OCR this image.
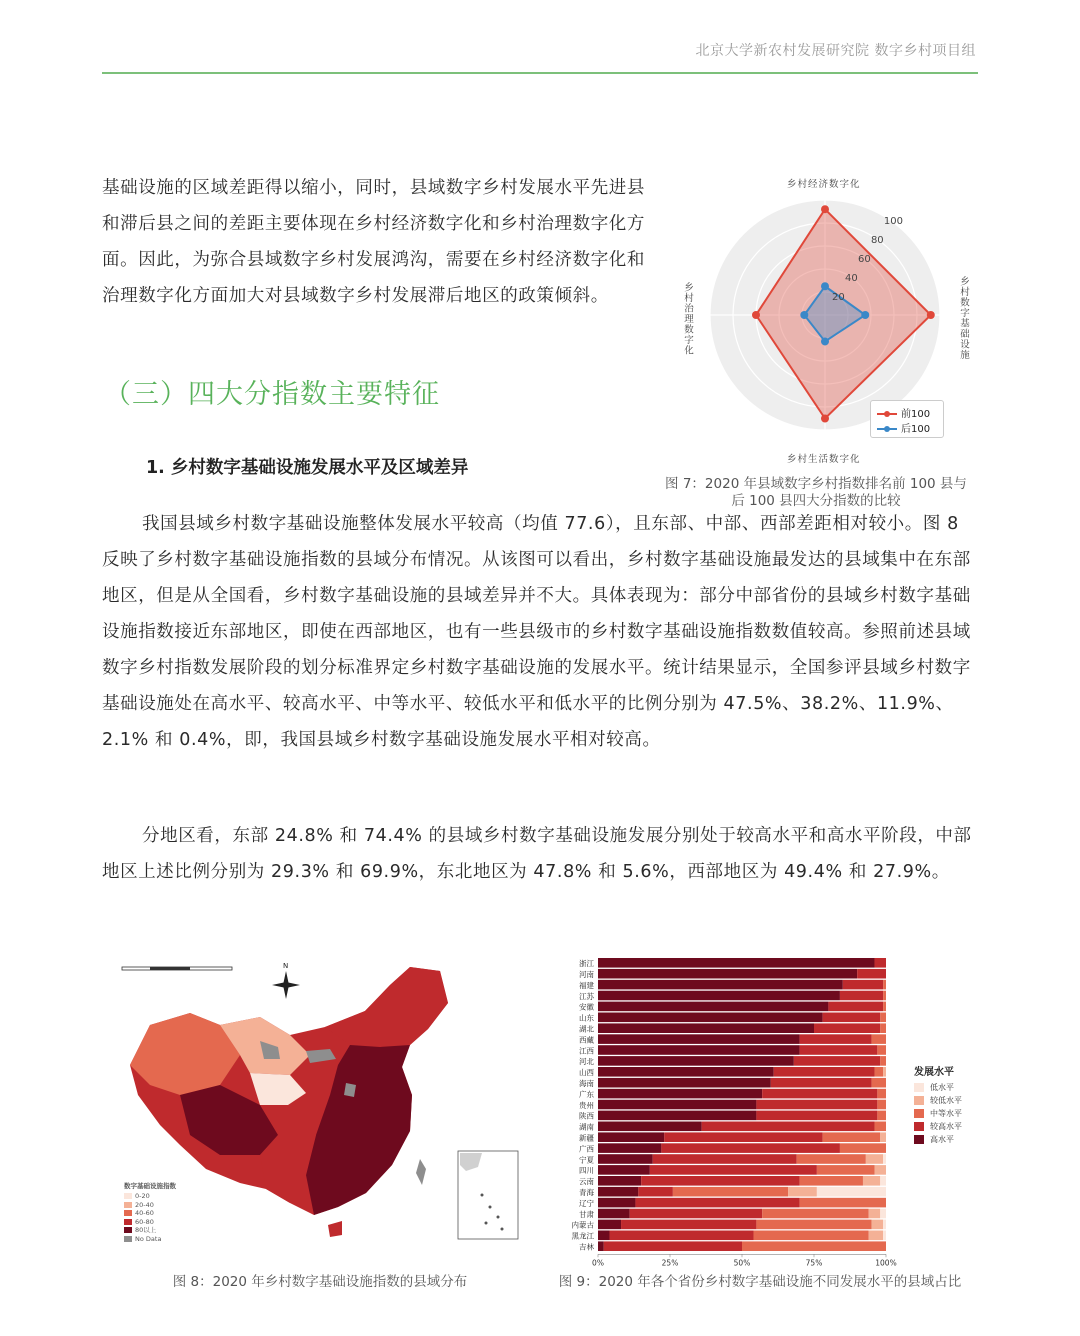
北京大学新农村发展研究院 数字乡村项目组
基础设施的区域差距得以缩小，同时，县域数字乡村发展水平先进县和滞后县之间的差距主要体现在乡村经济数字化和乡村治理数字化方面。因此，为弥合县域数字乡村发展鸿沟，需要在乡村经济数字化和治理数字化方面加大对县域数字乡村发展滞后地区的政策倾斜。
（三）四大分指数主要特征
1. 乡村数字基础设施发展水平及区域差异
我国县域乡村数字基础设施整体发展水平较高（均值 77.6），且东部、中部、西部差距相对较小。图 8 反映了乡村数字基础设施指数的县域分布情况。从该图可以看出，乡村数字基础设施最发达的县域集中在东部地区，但是从全国看，乡村数字基础设施的县域差异并不大。具体表现为：部分中部省份的县域乡村数字基础设施指数接近东部地区，即使在西部地区，也有一些县级市的乡村数字基础设施指数数值较高。参照前述县域数字乡村指数发展阶段的划分标准界定乡村数字基础设施的发展水平。统计结果显示，全国参评县域乡村数字基础设施处在高水平、较高水平、中等水平、较低水平和低水平的比例分别为 47.5%、38.2%、11.9%、2.1% 和 0.4%，即，我国县域乡村数字基础设施发展水平相对较高。
分地区看，东部 24.8% 和 74.4% 的县域乡村数字基础设施发展分别处于较高水平和高水平阶段，中部地区上述比例分别为 29.3% 和 69.9%，东北地区为 47.8% 和 5.6%，西部地区为 49.4% 和 27.9%。
20
40
60
80
100
乡村经济数字化
乡村数字基础设施
乡村生活数字化
乡村治理数字化
前100
后100
图 7：2020 年县域数字乡村指数排名前 100 县与后 100 县四大分指数的比较
N
数字基础设施指数
0-20
20-40
40-60
60-80
80以上
No Data
图 8：2020 年乡村数字基础设施指数的县域分布
浙江
河南
福建
江苏
安徽
山东
湖北
西藏
江西
河北
山西
海南
广东
贵州
陕西
湖南
新疆
广西
宁夏
四川
云南
青海
辽宁
甘肃
内蒙古
黑龙江
吉林
0%	25%	50%	75%	100%
发展水平
低水平
较低水平
中等水平
较高水平
高水平
图 9：2020 年各个省份乡村数字基础设施不同发展水平的县域占比
